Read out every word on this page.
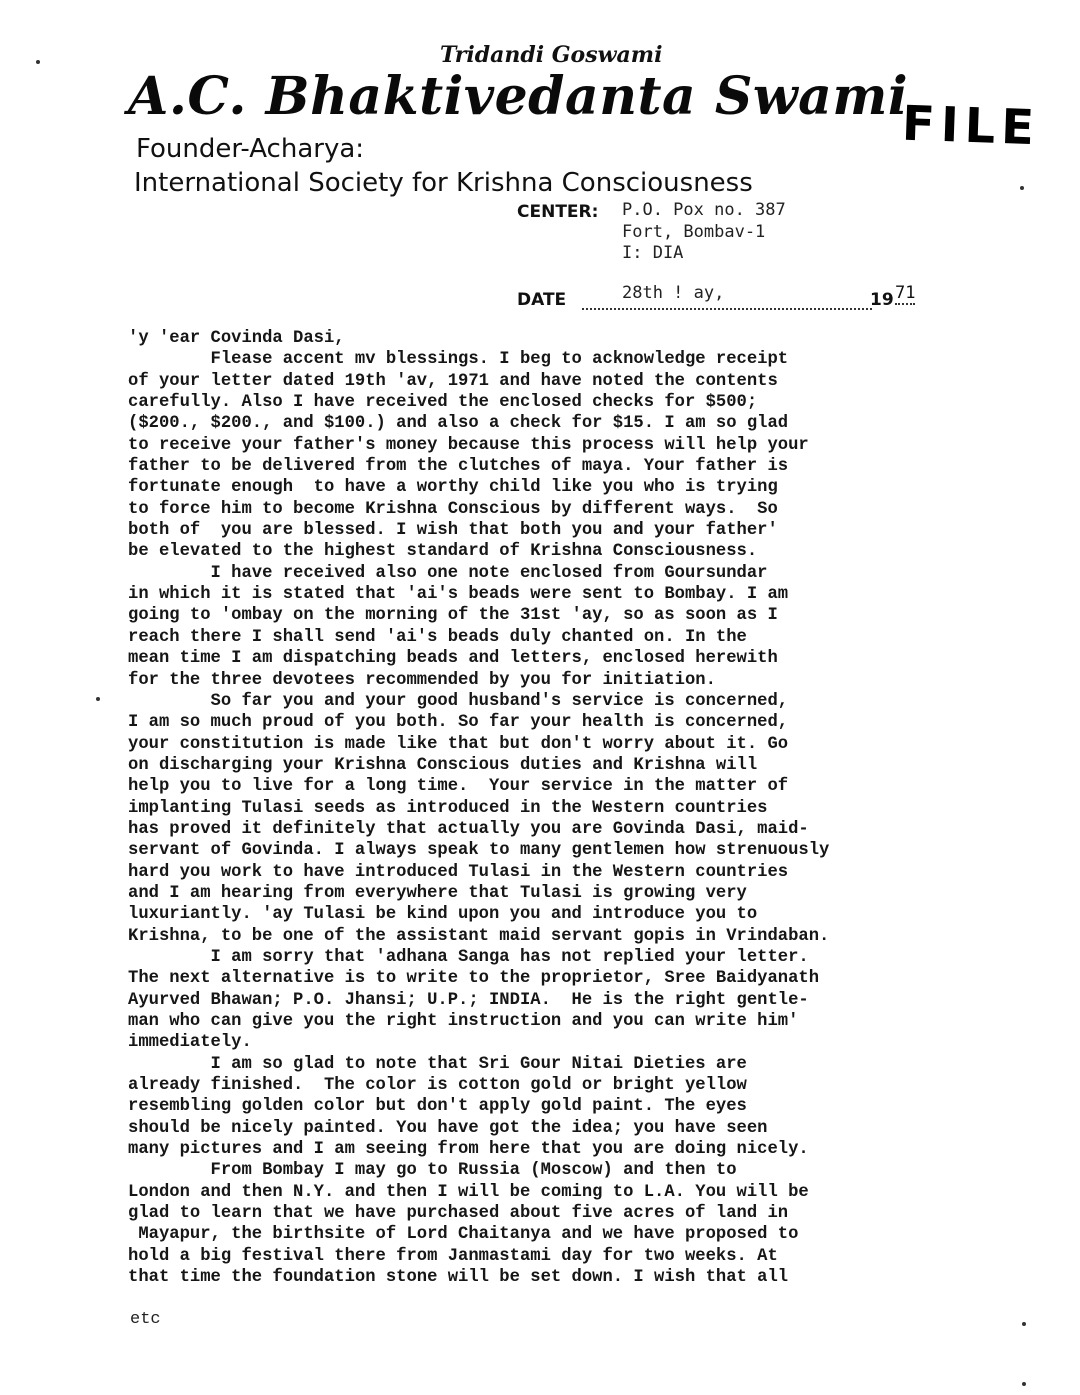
Tridandi Goswami
A.C. Bhaktivedanta Swami
FILE
Founder-Acharya:
International Society for Krishna Consciousness
CENTER: P.O. Pox no. 387
Fort, Bombav-1
I: DIA
DATE	28th ! ay,	19 71
'y 'ear Covinda Dasi,
Flease accent mv blessings. I beg to acknowledge receipt
of your letter dated 19th 'av, 1971 and have noted the contents
carefully. Also I have received the enclosed checks for $500;
($200., $200., and $100.) and also a check for $15. I am so glad
to receive your father's money because this process will help your
father to be delivered from the clutches of maya. Your father is
fortunate enough  to have a worthy child like you who is trying
to force him to become Krishna Conscious by different ways.  So
both of  you are blessed. I wish that both you and your father'
be elevated to the highest standard of Krishna Consciousness.
I have received also one note enclosed from Goursundar
in which it is stated that 'ai's beads were sent to Bombay. I am
going to 'ombay on the morning of the 31st 'ay, so as soon as I
reach there I shall send 'ai's beads duly chanted on. In the
mean time I am dispatching beads and letters, enclosed herewith
for the three devotees recommended by you for initiation.
So far you and your good husband's service is concerned,
I am so much proud of you both. So far your health is concerned,
your constitution is made like that but don't worry about it. Go
on discharging your Krishna Conscious duties and Krishna will
help you to live for a long time.  Your service in the matter of
implanting Tulasi seeds as introduced in the Western countries
has proved it definitely that actually you are Govinda Dasi, maid-
servant of Govinda. I always speak to many gentlemen how strenuously
hard you work to have introduced Tulasi in the Western countries
and I am hearing from everywhere that Tulasi is growing very
luxuriantly. 'ay Tulasi be kind upon you and introduce you to
Krishna, to be one of the assistant maid servant gopis in Vrindaban.
I am sorry that 'adhana Sanga has not replied your letter.
The next alternative is to write to the proprietor, Sree Baidyanath
Ayurved Bhawan; P.O. Jhansi; U.P.; INDIA.  He is the right gentle-
man who can give you the right instruction and you can write him'
immediately.
I am so glad to note that Sri Gour Nitai Dieties are
already finished.  The color is cotton gold or bright yellow
resembling golden color but don't apply gold paint. The eyes
should be nicely painted. You have got the idea; you have seen
many pictures and I am seeing from here that you are doing nicely.
From Bombay I may go to Russia (Moscow) and then to
London and then N.Y. and then I will be coming to L.A. You will be
glad to learn that we have purchased about five acres of land in
Mayapur, the birthsite of Lord Chaitanya and we have proposed to
hold a big festival there from Janmastami day for two weeks. At
that time the foundation stone will be set down. I wish that all
etc
